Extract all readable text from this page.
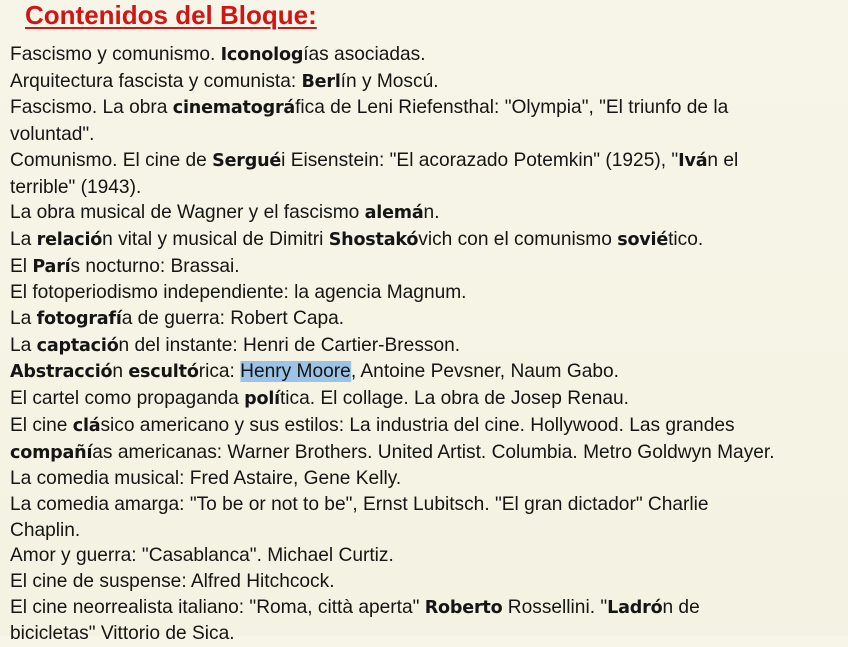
Contenidos del Bloque:
Fascismo y comunismo. Iconologías asociadas.
Arquitectura fascista y comunista: Berlín y Moscú.
Fascismo. La obra cinematográfica de Leni Riefensthal: "Olympia", "El triunfo de la
voluntad".
Comunismo. El cine de Serguéi Eisenstein: "El acorazado Potemkin" (1925), "Iván el
terrible" (1943).
La obra musical de Wagner y el fascismo alemán.
La relación vital y musical de Dimitri Shostakóvich con el comunismo soviético.
El París nocturno: Brassai.
El fotoperiodismo independiente: la agencia Magnum.
La fotografía de guerra: Robert Capa.
La captación del instante: Henri de Cartier-Bresson.
Abstracción escultórica: Henry Moore, Antoine Pevsner, Naum Gabo.
El cartel como propaganda política. El collage. La obra de Josep Renau.
El cine clásico americano y sus estilos: La industria del cine. Hollywood. Las grandes
compañías americanas: Warner Brothers. United Artist. Columbia. Metro Goldwyn Mayer.
La comedia musical: Fred Astaire, Gene Kelly.
La comedia amarga: "To be or not to be", Ernst Lubitsch. "El gran dictador" Charlie
Chaplin.
Amor y guerra: "Casablanca". Michael Curtiz.
El cine de suspense: Alfred Hitchcock.
El cine neorrealista italiano: "Roma, città aperta" Roberto Rossellini. "Ladrón de
bicicletas" Vittorio de Sica.
